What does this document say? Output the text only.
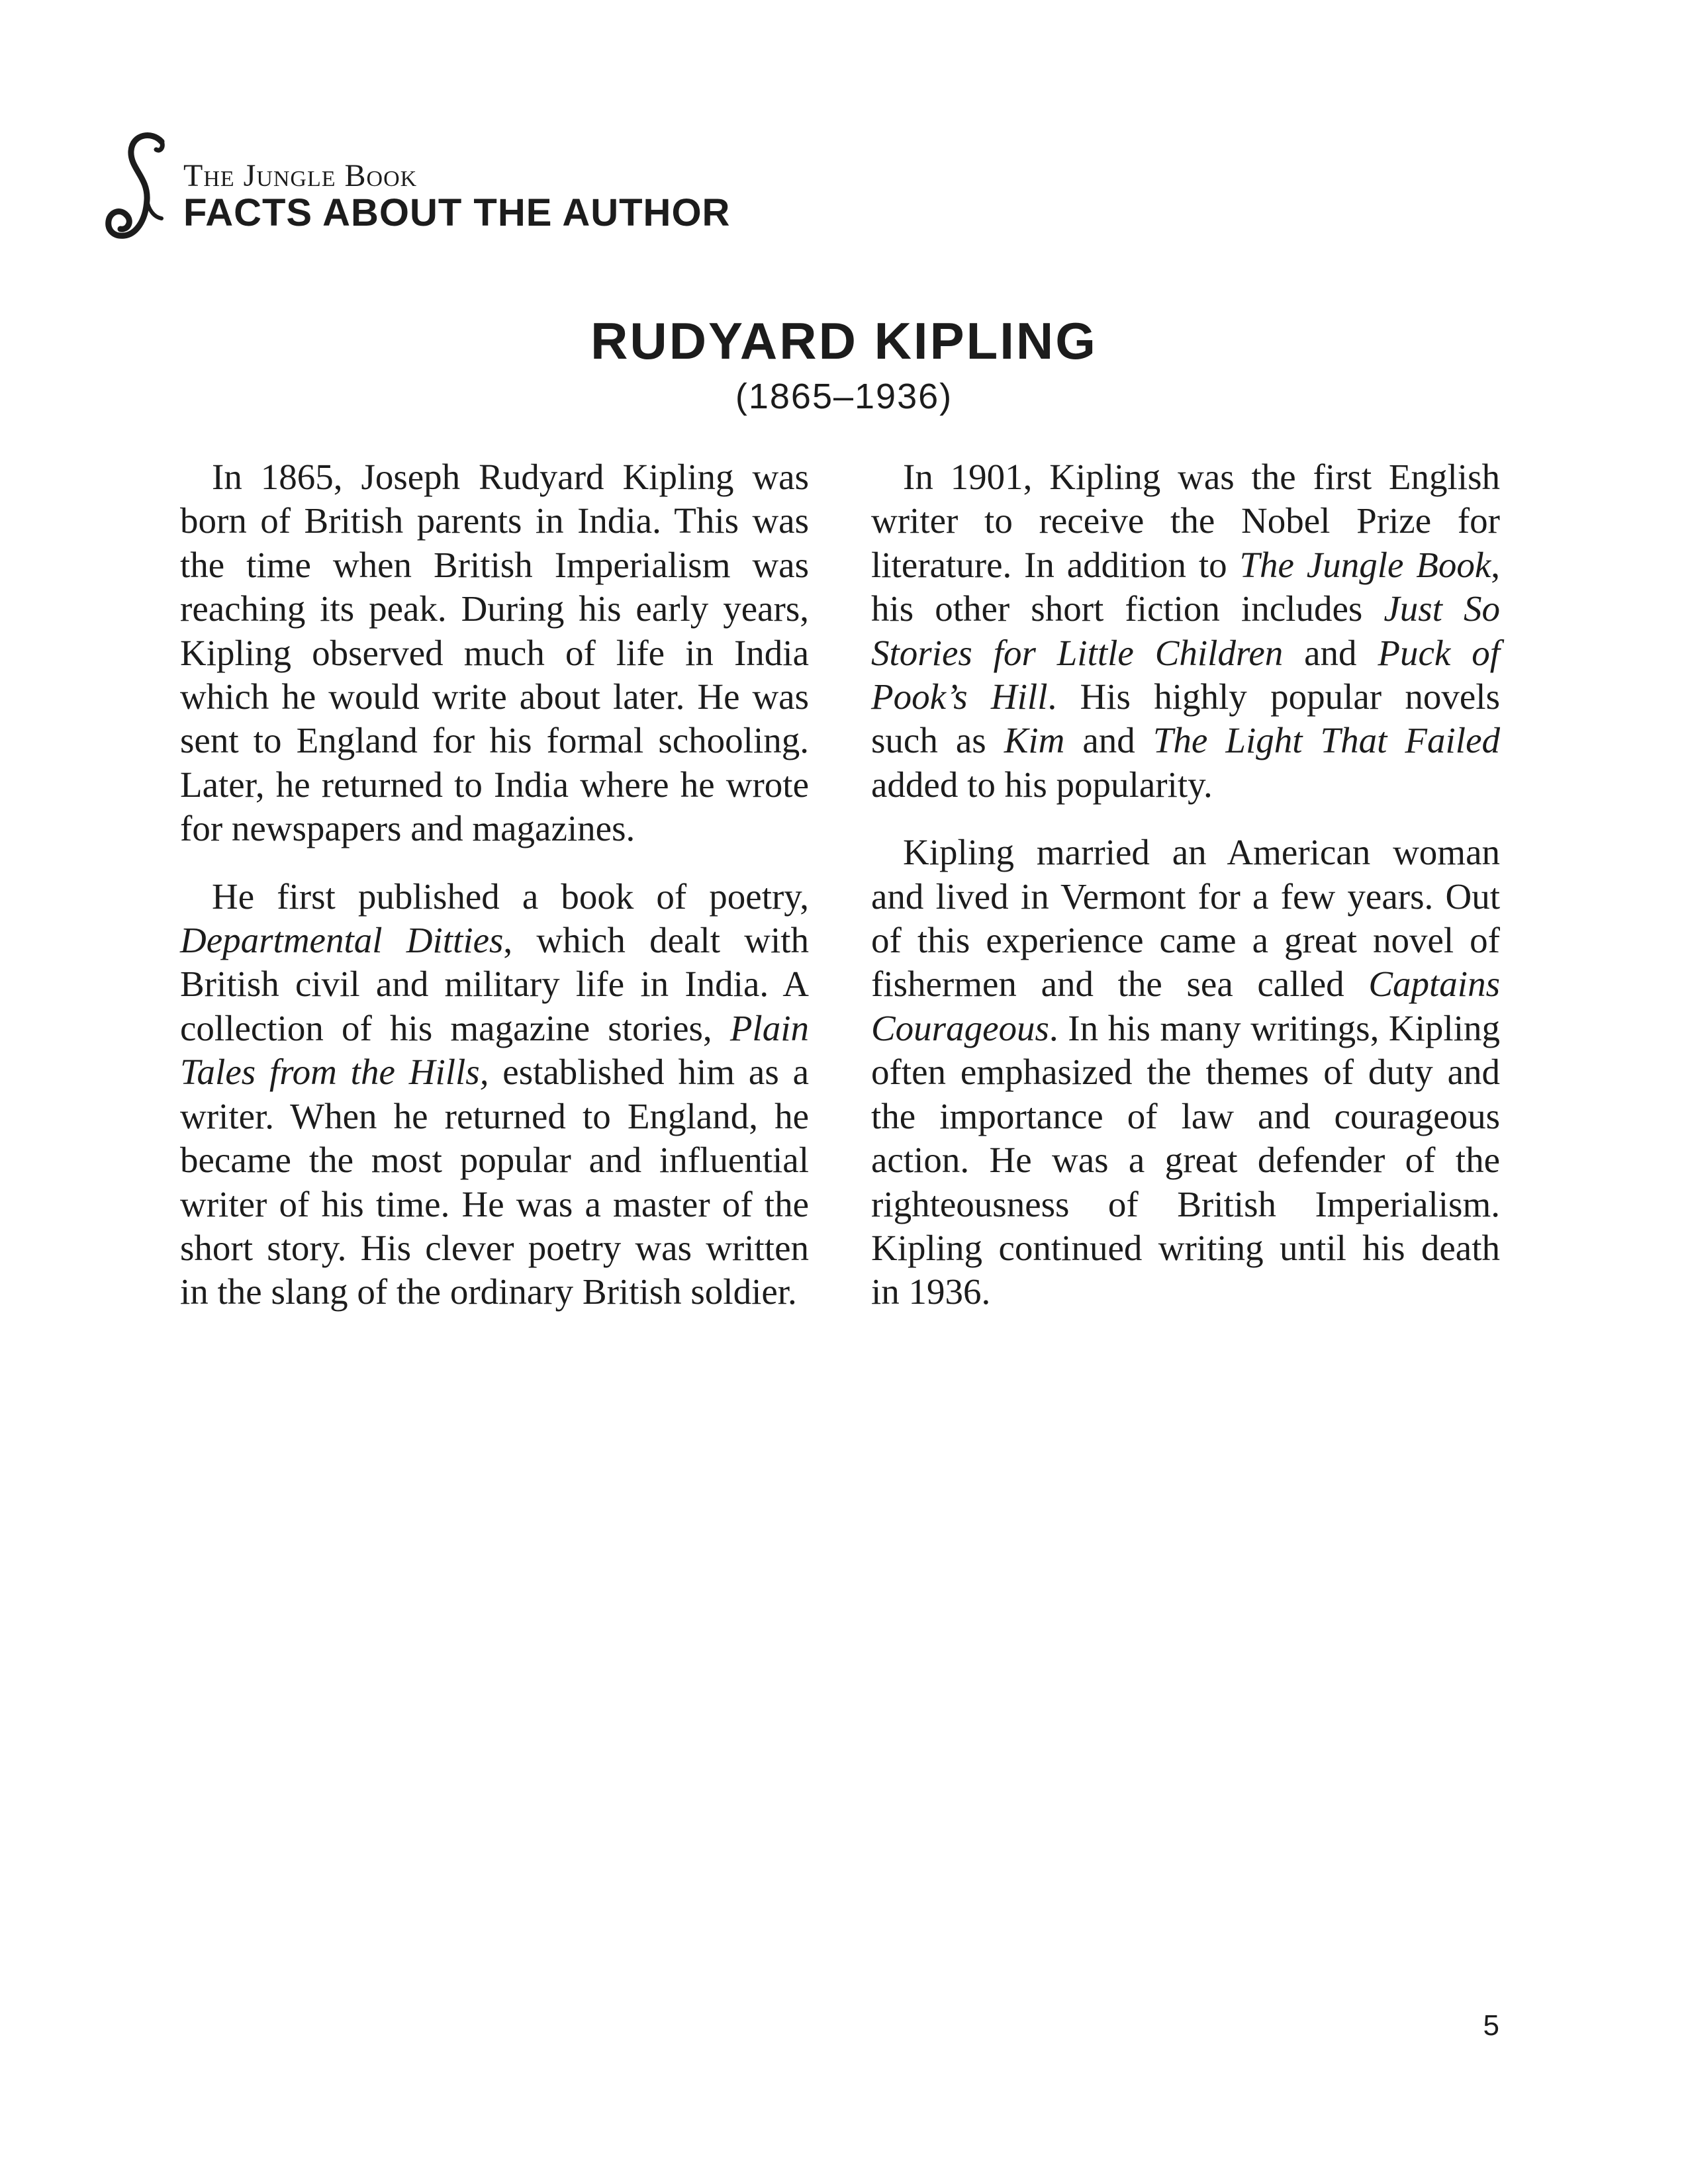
The Jungle Book
FACTS ABOUT THE AUTHOR
RUDYARD KIPLING
(1865–1936)

In 1865, Joseph Rudyard Kipling was born of British parents in India. This was the time when British Imperialism was reaching its peak. During his early years, Kipling observed much of life in India which he would write about later. He was sent to England for his formal schooling. Later, he returned to India where he wrote for newspapers and magazines.

He first published a book of poetry, Departmental Ditties, which dealt with British civil and military life in India. A collection of his magazine stories, Plain Tales from the Hills, established him as a writer. When he returned to England, he became the most popular and influential writer of his time. He was a master of the short story. His clever poetry was written in the slang of the ordinary British soldier.

In 1901, Kipling was the first English writer to receive the Nobel Prize for literature. In addition to The Jungle Book, his other short fiction includes Just So Stories for Little Children and Puck of Pook’s Hill. His highly popular novels such as Kim and The Light That Failed added to his popularity.

Kipling married an American woman and lived in Vermont for a few years. Out of this experience came a great novel of fishermen and the sea called Captains Courageous. In his many writings, Kipling often emphasized the themes of duty and the importance of law and courageous action. He was a great defender of the righteousness of British Imperialism. Kipling continued writing until his death in 1936.

5
